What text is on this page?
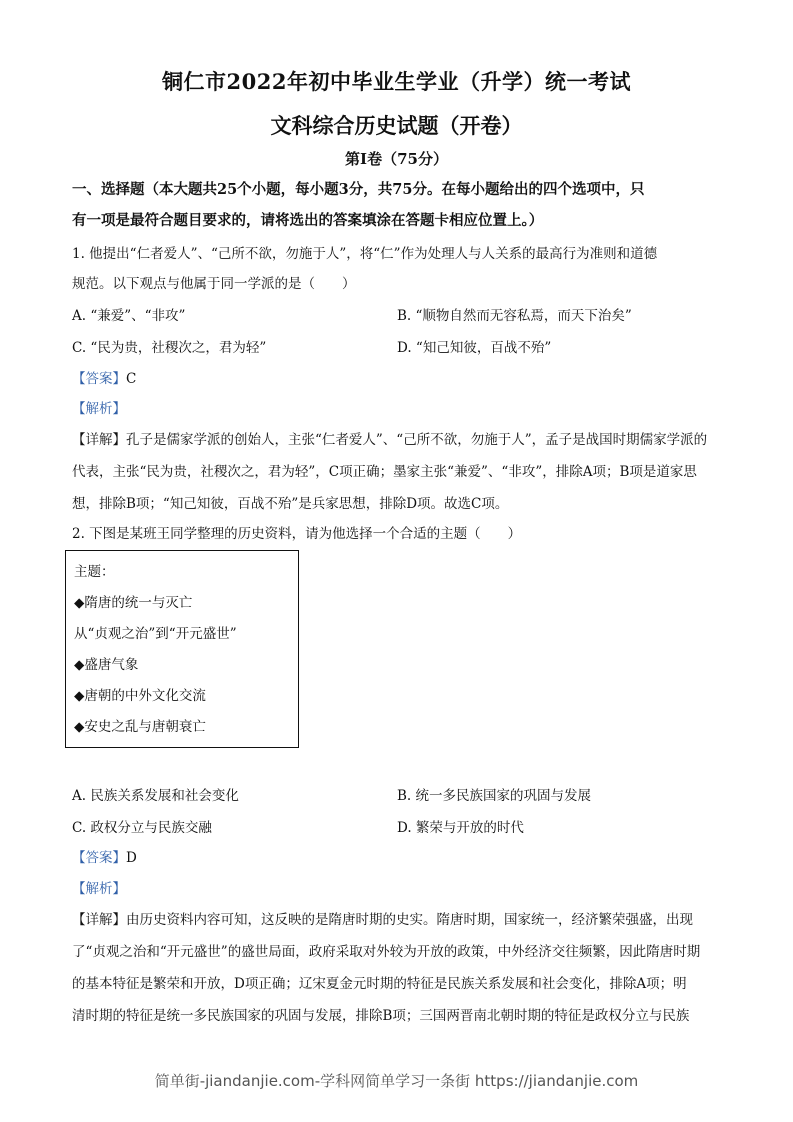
铜仁市2022年初中毕业生学业（升学）统一考试
文科综合历史试题（开卷）
第I卷（75分）
一、选择题（本大题共25个小题，每小题3分，共75分。在每小题给出的四个选项中，只
有一项是最符合题目要求的，请将选出的答案填涂在答题卡相应位置上。）
1. 他提出“仁者爱人”、“己所不欲，勿施于人”，将“仁”作为处理人与人关系的最高行为准则和道德
规范。以下观点与他属于同一学派的是（　　）
A. “兼爱”、“非攻”	B. “顺物自然而无容私焉，而天下治矣”
C. “民为贵，社稷次之，君为轻”	D. “知己知彼，百战不殆”
【答案】C
【解析】
【详解】孔子是儒家学派的创始人，主张“仁者爱人”、“己所不欲，勿施于人”，孟子是战国时期儒家学派的
代表，主张“民为贵，社稷次之，君为轻”，C项正确；墨家主张“兼爱”、“非攻”，排除A项；B项是道家思
想，排除B项；“知己知彼，百战不殆”是兵家思想，排除D项。故选C项。
2. 下图是某班王同学整理的历史资料，请为他选择一个合适的主题（　　）
主题：
◆隋唐的统一与灭亡
从“贞观之治”到“开元盛世”
◆盛唐气象
◆唐朝的中外文化交流
◆安史之乱与唐朝衰亡
A. 民族关系发展和社会变化	B. 统一多民族国家的巩固与发展
C. 政权分立与民族交融	D. 繁荣与开放的时代
【答案】D
【解析】
【详解】由历史资料内容可知，这反映的是隋唐时期的史实。隋唐时期，国家统一，经济繁荣强盛，出现
了“贞观之治和“开元盛世”的盛世局面，政府采取对外较为开放的政策，中外经济交往频繁，因此隋唐时期
的基本特征是繁荣和开放，D项正确；辽宋夏金元时期的特征是民族关系发展和社会变化，排除A项；明
清时期的特征是统一多民族国家的巩固与发展，排除B项；三国两晋南北朝时期的特征是政权分立与民族
简单街-jiandanjie.com-学科网简单学习一条街 https://jiandanjie.com
